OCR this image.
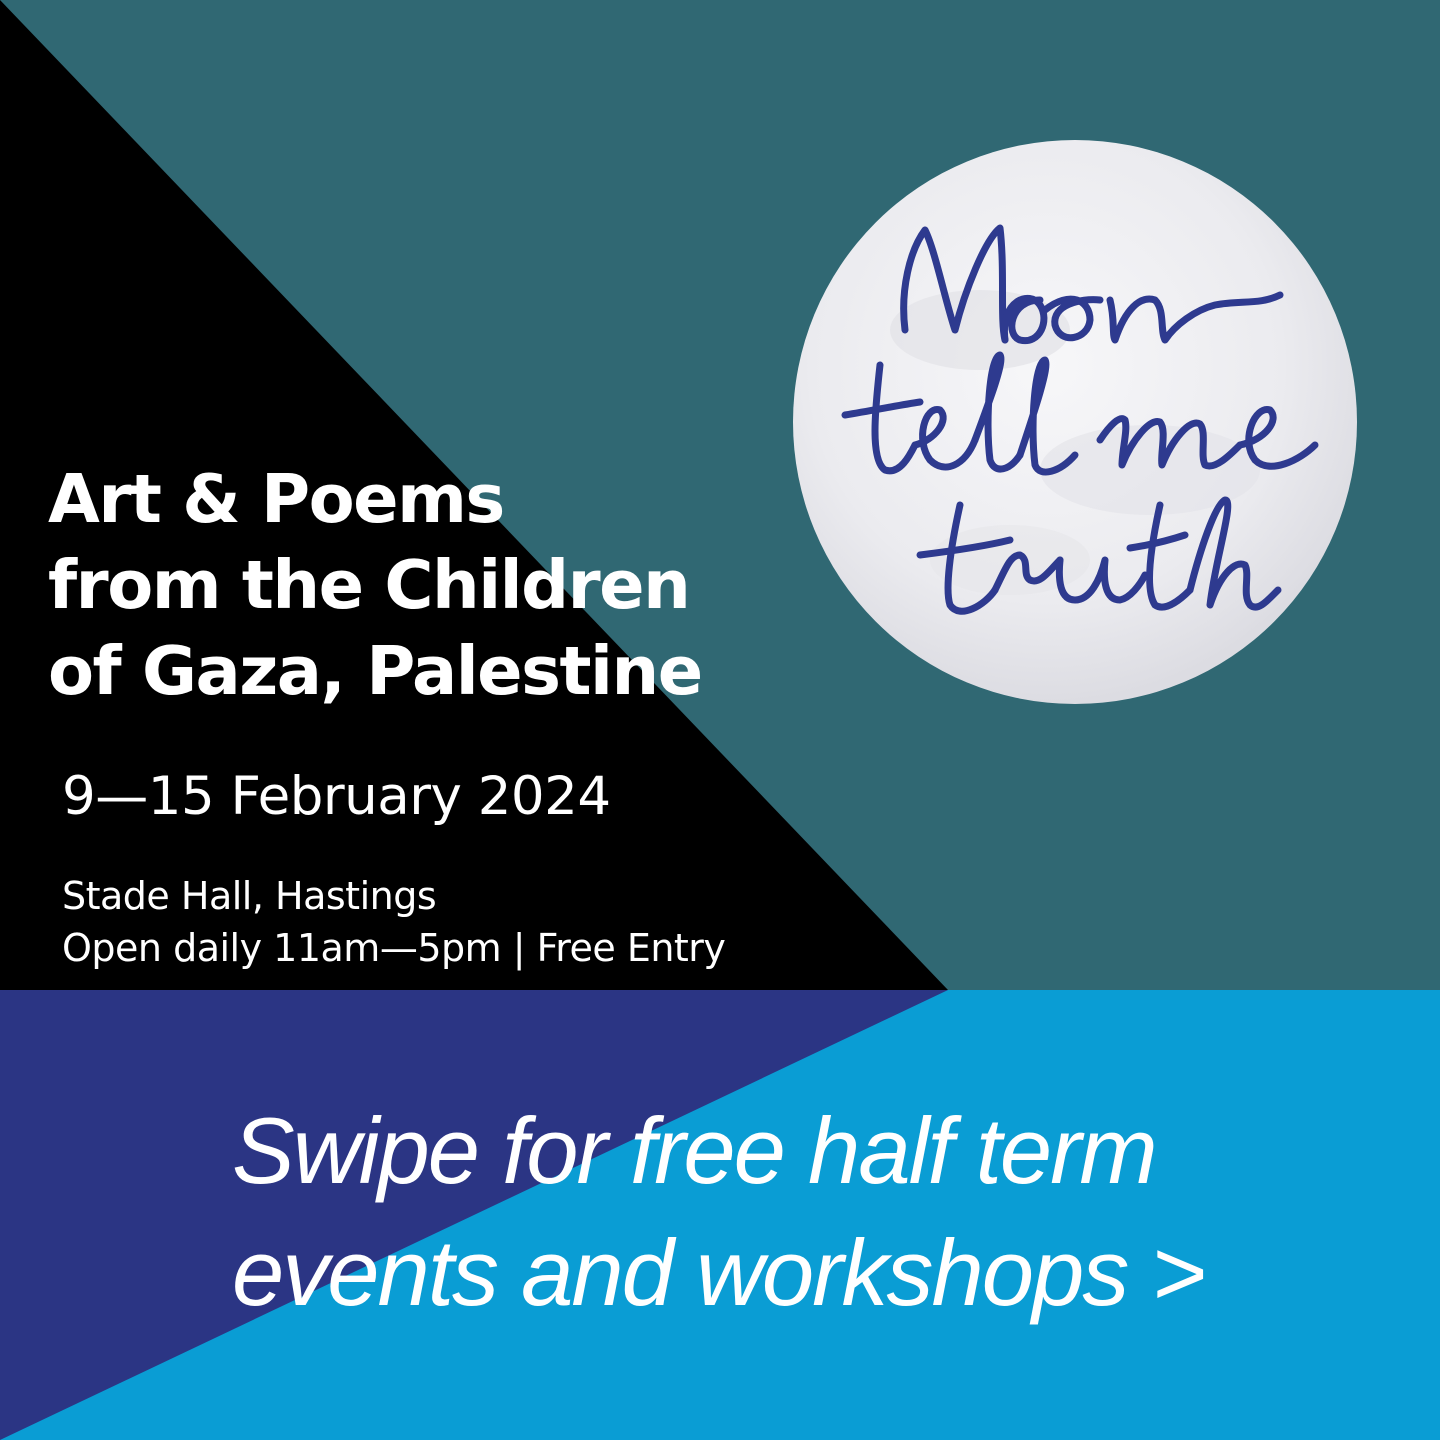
Art & Poems
from the Children
of Gaza, Palestine
9—15 February 2024
Stade Hall, Hastings
Open daily 11am—5pm | Free Entry
Swipe for free half term
events and workshops >
